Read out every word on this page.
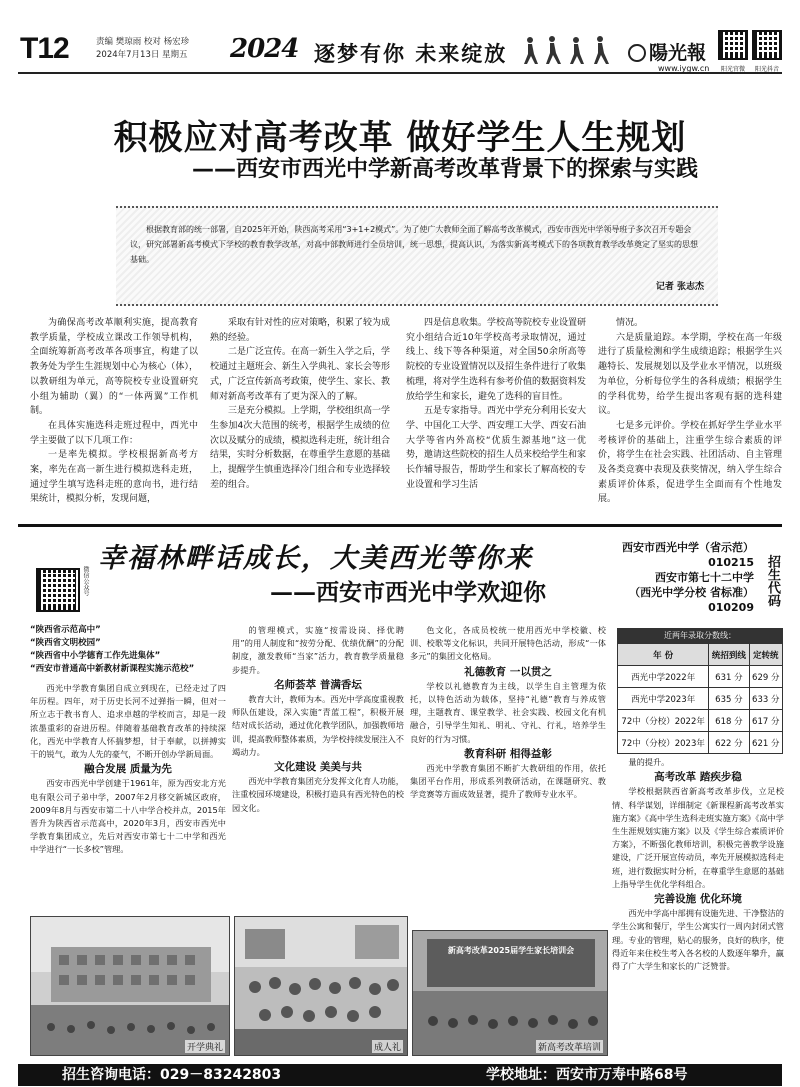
T12	责编 樊琼雨 校对 杨宏珍
2024年7月13日 星期五 2024 逐梦有你 未来绽放	陽光報
www.iygw.cn	阳光官微	阳光抖音
积极应对高考改革 做好学生人生规划
——西安市西光中学新高考改革背景下的探索与实践
根据教育部的统一部署，自2025年开始，陕西高考采用“3+1+2模式”。为了使广大教师全面了解高考改革模式，西安市西光中学领导班子多次召开专题会议，研究部署新高考模式下学校的教育教学改革，对高中部教师进行全员培训，统一思想，提高认识，为落实新高考模式下的各项教育教学改革奠定了坚实的思想基础。
记者 张志杰

为确保高考改革顺利实施，提高教育教学质量，学校成立课改工作领导机构，全面统筹新高考改革各项事宜，构建了以教务处为学生生涯规划中心为核心（体），以教研组为单元，高等院校专业设置研究小组为辅助（翼）的“一体两翼”工作机制。

在具体实施选科走班过程中，西光中学主要做了以下几项工作：

一是率先模拟。学校根据新高考方案，率先在高一新生进行模拟选科走班，通过学生填写选科走班的意向书，进行结果统计，模拟分析，发现问题，

采取有针对性的应对策略，积累了较为成熟的经验。

二是广泛宣传。在高一新生入学之后，学校通过主题班会、新生入学典礼、家长会等形式，广泛宣传新高考政策，使学生、家长、教师对新高考改革有了更为深入的了解。

三是充分模拟。上学期，学校组织高一学生参加4次大范围的统考，根据学生成绩的位次以及赋分的成绩，模拟选科走班，统计组合结果，实时分析数据，在尊重学生意愿的基础上，提醒学生慎重选择冷门组合和专业选择较差的组合。

四是信息收集。学校高等院校专业设置研究小组结合近10年学校高考录取情况，通过线上、线下等各种渠道，对全国50余所高等院校的专业设置情况以及招生条件进行了收集梳理，将对学生选科有参考价值的数据资料发放给学生和家长，避免了选科的盲目性。

五是专家指导。西光中学充分利用长安大学、中国化工大学、西安理工大学、西安石油大学等省内外高校“优质生源基地”这一优势，邀请这些院校的招生人员来校给学生和家长作辅导报告，帮助学生和家长了解高校的专业设置和学习生活

情况。

六是质量追踪。本学期，学校在高一年级进行了质量检测和学生成绩追踪；根据学生兴趣特长、发展规划以及学业水平情况，以班级为单位，分析每位学生的各科成绩；根据学生的学科优势，给学生提出客观有据的选科建议。

七是多元评价。学校在抓好学生学业水平考核评价的基础上，注重学生综合素质的评价，将学生在社会实践、社团活动、自主管理及各类竞赛中表现及获奖情况，纳入学生综合素质评价体系，促进学生全面而有个性地发展。

微信公众号
幸福林畔话成长，大美西光等你来
——西安市西光中学欢迎你
西安市西光中学（省示范）
010215
西安市第七十二中学
（西光中学分校 省标准）
010209
招生代码
“陕西省示范高中”
“陕西省文明校园”
“陕西省中小学德育工作先进集体”
“西安市普通高中新教材新课程实施示范校”

西光中学教育集团自成立到现在，已经走过了四年历程。四年，对于历史长河不过弹指一瞬，但对一所立志于教书育人、追求卓越的学校而言，却是一段浓墨重彩的奋进历程。伴随着基础教育改革的持续深化，西光中学教育人怀揣梦想，甘于奉献，以拼搏实干的锐气，敢为人先的豪气，不断开创办学新局面。

融合发展 质量为先

西安市西光中学创建于1961年，原为西安北方光电有限公司子弟中学，2007年2月移交新城区政府，2009年8月与西安市第二十八中学合校并点，2015年晋升为陕西省示范高中，2020年3月，西安市西光中学教育集团成立，先后对西安市第七十二中学和西光中学进行“一长多校”管理。

的管理模式，实施“按需设岗、择优聘用”的用人制度和“按劳分配、优绩优酬”的分配制度，激发教师“当家”活力，教育教学质量稳步提升。

名师荟萃 普满香坛

教育大计，教师为本。西光中学高度重视教师队伍建设，深入实施“青蓝工程”，积极开展结对成长活动，通过优化教学团队，加强教师培训，提高教师整体素质，为学校持续发展注入不竭动力。

文化建设 美美与共

西光中学教育集团充分发挥文化育人功能，注重校园环境建设，积极打造具有西光特色的校园文化。

色文化，各成员校统一使用西光中学校徽、校训、校歌等文化标识，共同开展特色活动，形成“一体多元”的集团文化格局。

礼德教育 一以贯之

学校以礼德教育为主线，以学生自主管理为依托，以特色活动为载体，坚持“礼德”教育与养成管理，主题教育、课堂教学、社会实践、校园文化有机融合，引导学生知礼、明礼、守礼、行礼，培养学生良好的行为习惯。

教育科研 相得益彰

西光中学教育集团不断扩大教研组的作用，依托集团平台作用，形成系列教研活动，在课题研究、教学竞赛等方面成效显著，提升了教师专业水平。

近两年录取分数线：
年 份	统招到线	定转统
西光中学2022年	631 分	629 分
西光中学2023年	635 分	633 分
72中（分校）2022年	618 分	617 分
72中（分校）2023年	622 分	621 分

量的提升。

高考改革 踏疾步稳

学校根据陕西省新高考改革步伐，立足校情、科学谋划，详细制定《新课程新高考改革实施方案》《高中学生选科走班实施方案》《高中学生生涯规划实施方案》以及《学生综合素质评价方案》，不断强化教师培训，积极完善教学设施建设，广泛开展宣传动员，率先开展模拟选科走班，进行数据实时分析，在尊重学生意愿的基础上指导学生优化学科组合。

完善设施 优化环境

西光中学高中部拥有设施先进、干净整洁的学生公寓和餐厅，学生公寓实行一周内封闭式管理。专业的管理，贴心的服务，良好的秩序，使得近年来住校生考入各名校的人数逐年攀升，赢得了广大学生和家长的广泛赞誉。

开学典礼	成人礼
新高考改革2025届学生家长培训会
新高考改革培训
招生咨询电话：029－83242803	学校地址：西安市万寿中路68号
